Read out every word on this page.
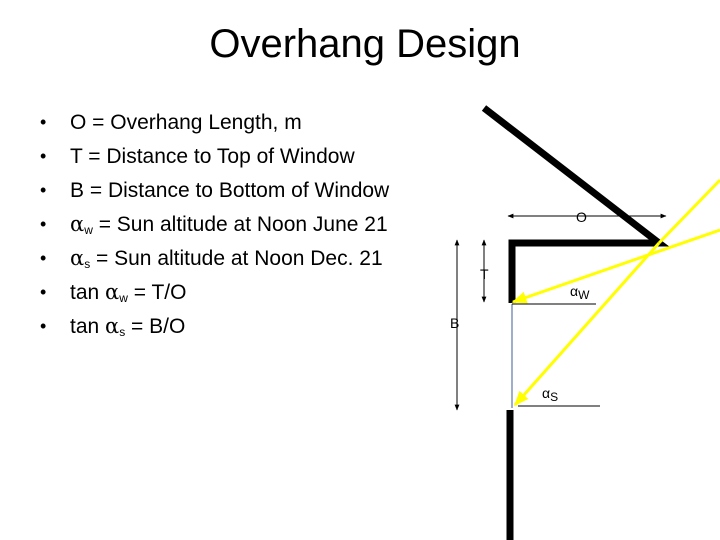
Overhang Design
• O = Overhang Length, m
• T = Distance to Top of Window
• B = Distance to Bottom of Window
• $\alpha_w$ = Sun altitude at Noon June 21
• $\alpha_s$ = Sun altitude at Noon Dec. 21
• $\tan \alpha_w = T/O$
• $\tan \alpha_s = B/O$
O
T
B
αW
αS
